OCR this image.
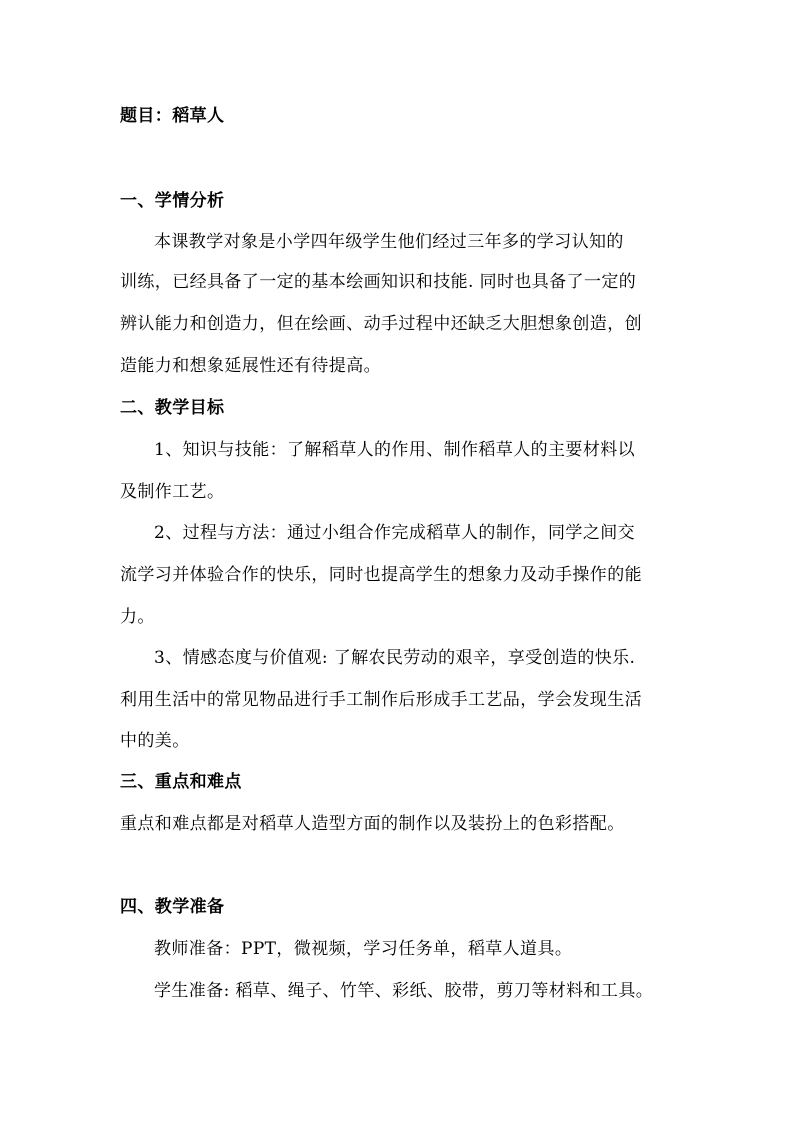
题目：稻草人
一、学情分析
本课教学对象是小学四年级学生他们经过三年多的学习认知的
训练，已经具备了一定的基本绘画知识和技能. 同时也具备了一定的
辨认能力和创造力，但在绘画、动手过程中还缺乏大胆想象创造，创
造能力和想象延展性还有待提高。
二、教学目标
1、知识与技能：了解稻草人的作用、制作稻草人的主要材料以
及制作工艺。
2、过程与方法：通过小组合作完成稻草人的制作，同学之间交
流学习并体验合作的快乐，同时也提高学生的想象力及动手操作的能
力。
3、情感态度与价值观: 了解农民劳动的艰辛，享受创造的快乐.
利用生活中的常见物品进行手工制作后形成手工艺品，学会发现生活
中的美。
三、重点和难点
重点和难点都是对稻草人造型方面的制作以及装扮上的色彩搭配。
四、教学准备
教师准备：PPT，微视频，学习任务单，稻草人道具。
学生准备: 稻草、绳子、竹竿、彩纸、胶带，剪刀等材料和工具。
